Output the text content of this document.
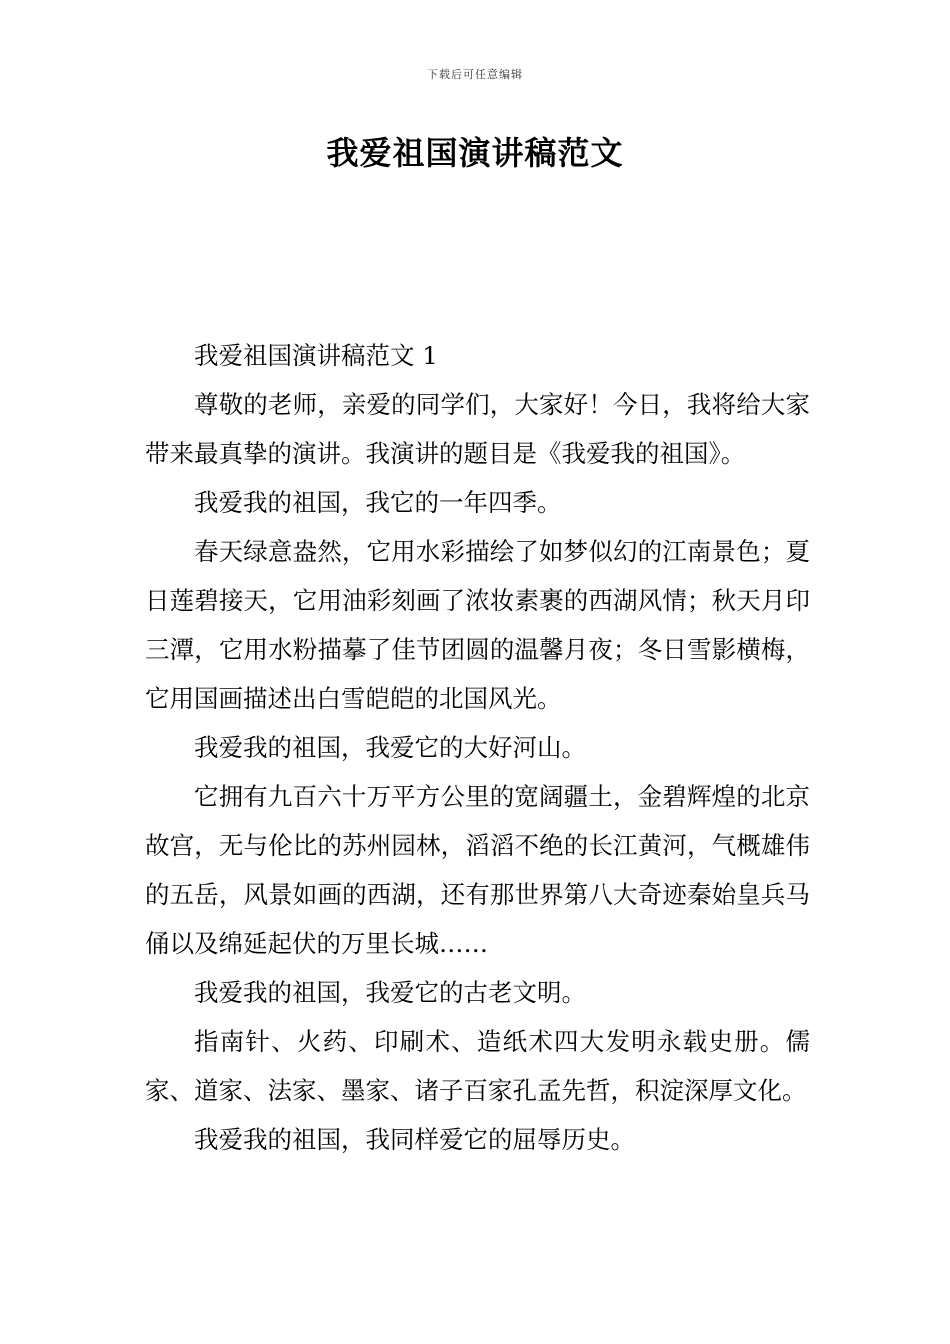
下载后可任意编辑
我爱祖国演讲稿范文

我爱祖国演讲稿范文 1

尊敬的老师，亲爱的同学们，大家好！今日，我将给大家带来最真挚的演讲。我演讲的题目是《我爱我的祖国》。

我爱我的祖国，我它的一年四季。

春天绿意盎然，它用水彩描绘了如梦似幻的江南景色；夏日莲碧接天，它用油彩刻画了浓妆素裹的西湖风情；秋天月印三潭，它用水粉描摹了佳节团圆的温馨月夜；冬日雪影横梅，它用国画描述出白雪皑皑的北国风光。

我爱我的祖国，我爱它的大好河山。

它拥有九百六十万平方公里的宽阔疆土，金碧辉煌的北京故宫，无与伦比的苏州园林，滔滔不绝的长江黄河，气概雄伟的五岳，风景如画的西湖，还有那世界第八大奇迹秦始皇兵马俑以及绵延起伏的万里长城……

我爱我的祖国，我爱它的古老文明。

指南针、火药、印刷术、造纸术四大发明永载史册。儒家、道家、法家、墨家、诸子百家孔孟先哲，积淀深厚文化。

我爱我的祖国，我同样爱它的屈辱历史。
